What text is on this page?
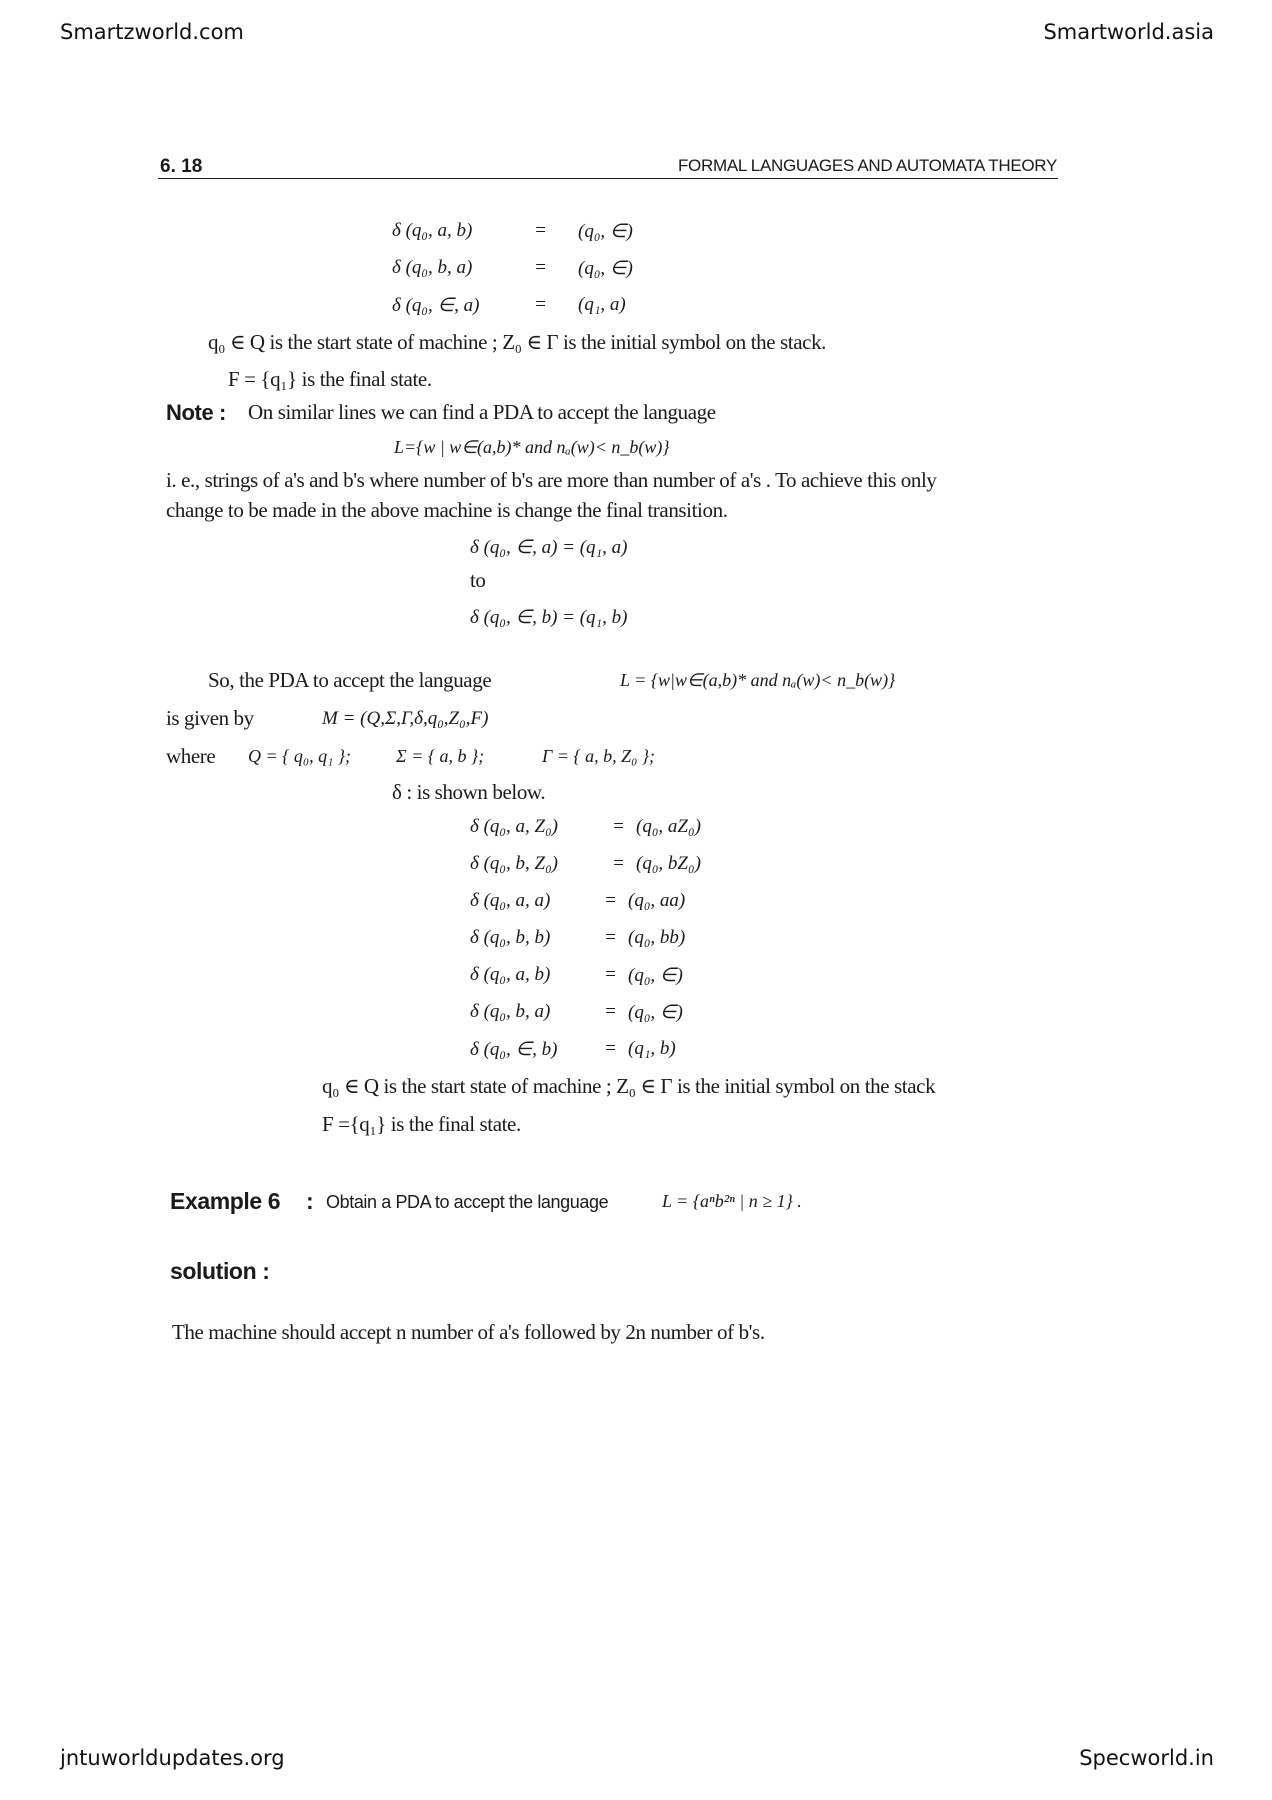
Smartzworld.com	Smartworld.asia
jntuworldupdates.org	Specworld.in
6. 18	FORMAL LANGUAGES AND AUTOMATA THEORY
δ (q₀, a, b)	= (q₀, ∈)
δ (q₀, b, a)	= (q₀, ∈)
δ (q₀, ∈, a)	= (q₁, a)
q₀ ∈ Q is the start state of machine ; Z₀ ∈ Γ is the initial symbol on the stack.
F = {q₁} is the final state.
Note : On similar lines we can find a PDA to accept the language
L={w | w∈(a,b)* and nₐ(w)< n_b(w)}
i. e., strings of a's and b's where number of b's are more than number of a's . To achieve this only
change to be made in the above machine is change the final transition.
δ (q₀, ∈, a) = (q₁, a)
to
δ (q₀, ∈, b) = (q₁, b)
So, the PDA to accept the language	L = {w|w∈(a,b)* and nₐ(w)< n_b(w)}
is given by	M = (Q,Σ,Γ,δ,q₀,Z₀,F)
where Q = { q₀, q₁ }; Σ = { a, b };	Γ = { a, b, Z₀ };
δ : is shown below.
δ (q₀, a, Z₀)	= (q₀, aZ₀)
δ (q₀, b, Z₀)	= (q₀, bZ₀)
δ (q₀, a, a)	= (q₀, aa)
δ (q₀, b, b)	= (q₀, bb)
δ (q₀, a, b)	= (q₀, ∈)
δ (q₀, b, a)	= (q₀, ∈)
δ (q₀, ∈, b) = (q₁, b)
q₀ ∈ Q is the start state of machine ; Z₀ ∈ Γ is the initial symbol on the stack
F ={q₁} is the final state.
Example 6 : Obtain a PDA to accept the language	L = {aⁿb²ⁿ | n ≥ 1} .
solution :
The machine should accept n number of a's followed by 2n number of b's.
